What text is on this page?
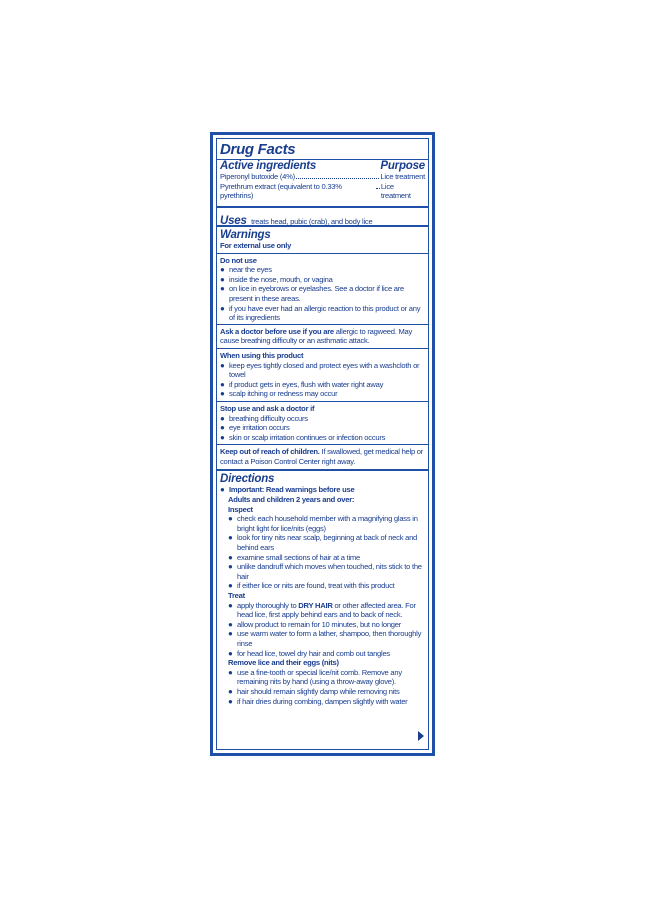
Drug Facts
Active ingredients	Purpose
Piperonyl butoxide (4%)	Lice treatment
Pyrethrum extract (equivalent to 0.33% pyrethrins)
Lice treatment
Uses treats head, pubic (crab), and body lice
Warnings
For external use only
Do not use
● near the eyes
● inside the nose, mouth, or vagina
● on lice in eyebrows or eyelashes. See a doctor if lice are present in these areas.
● if you have ever had an allergic reaction to this product or any of its ingredients
Ask a doctor before use if you are allergic to ragweed. May cause breathing difficulty or an asthmatic attack.
When using this product
● keep eyes tightly closed and protect eyes with a washcloth or towel
● if product gets in eyes, flush with water right away
● scalp itching or redness may occur
Stop use and ask a doctor if
● breathing difficulty occurs
● eye irritation occurs
● skin or scalp irritation continues or infection occurs
Keep out of reach of children. If swallowed, get medical help or contact a Poison Control Center right away.
Directions
● Important: Read warnings before use
Adults and children 2 years and over:
Inspect
● check each household member with a magnifying glass in bright light for lice/nits (eggs)
● look for tiny nits near scalp, beginning at back of neck and behind ears
● examine small sections of hair at a time
● unlike dandruff which moves when touched, nits stick to the hair
● if either lice or nits are found, treat with this product
Treat
● apply thoroughly to DRY HAIR or other affected area. For head lice, first apply behind ears and to back of neck.
● allow product to remain for 10 minutes, but no longer
● use warm water to form a lather, shampoo, then thoroughly rinse
● for head lice, towel dry hair and comb out tangles
Remove lice and their eggs (nits)
● use a fine-tooth or special lice/nit comb. Remove any remaining nits by hand (using a throw-away glove).
● hair should remain slightly damp while removing nits
● if hair dries during combing, dampen slightly with water
